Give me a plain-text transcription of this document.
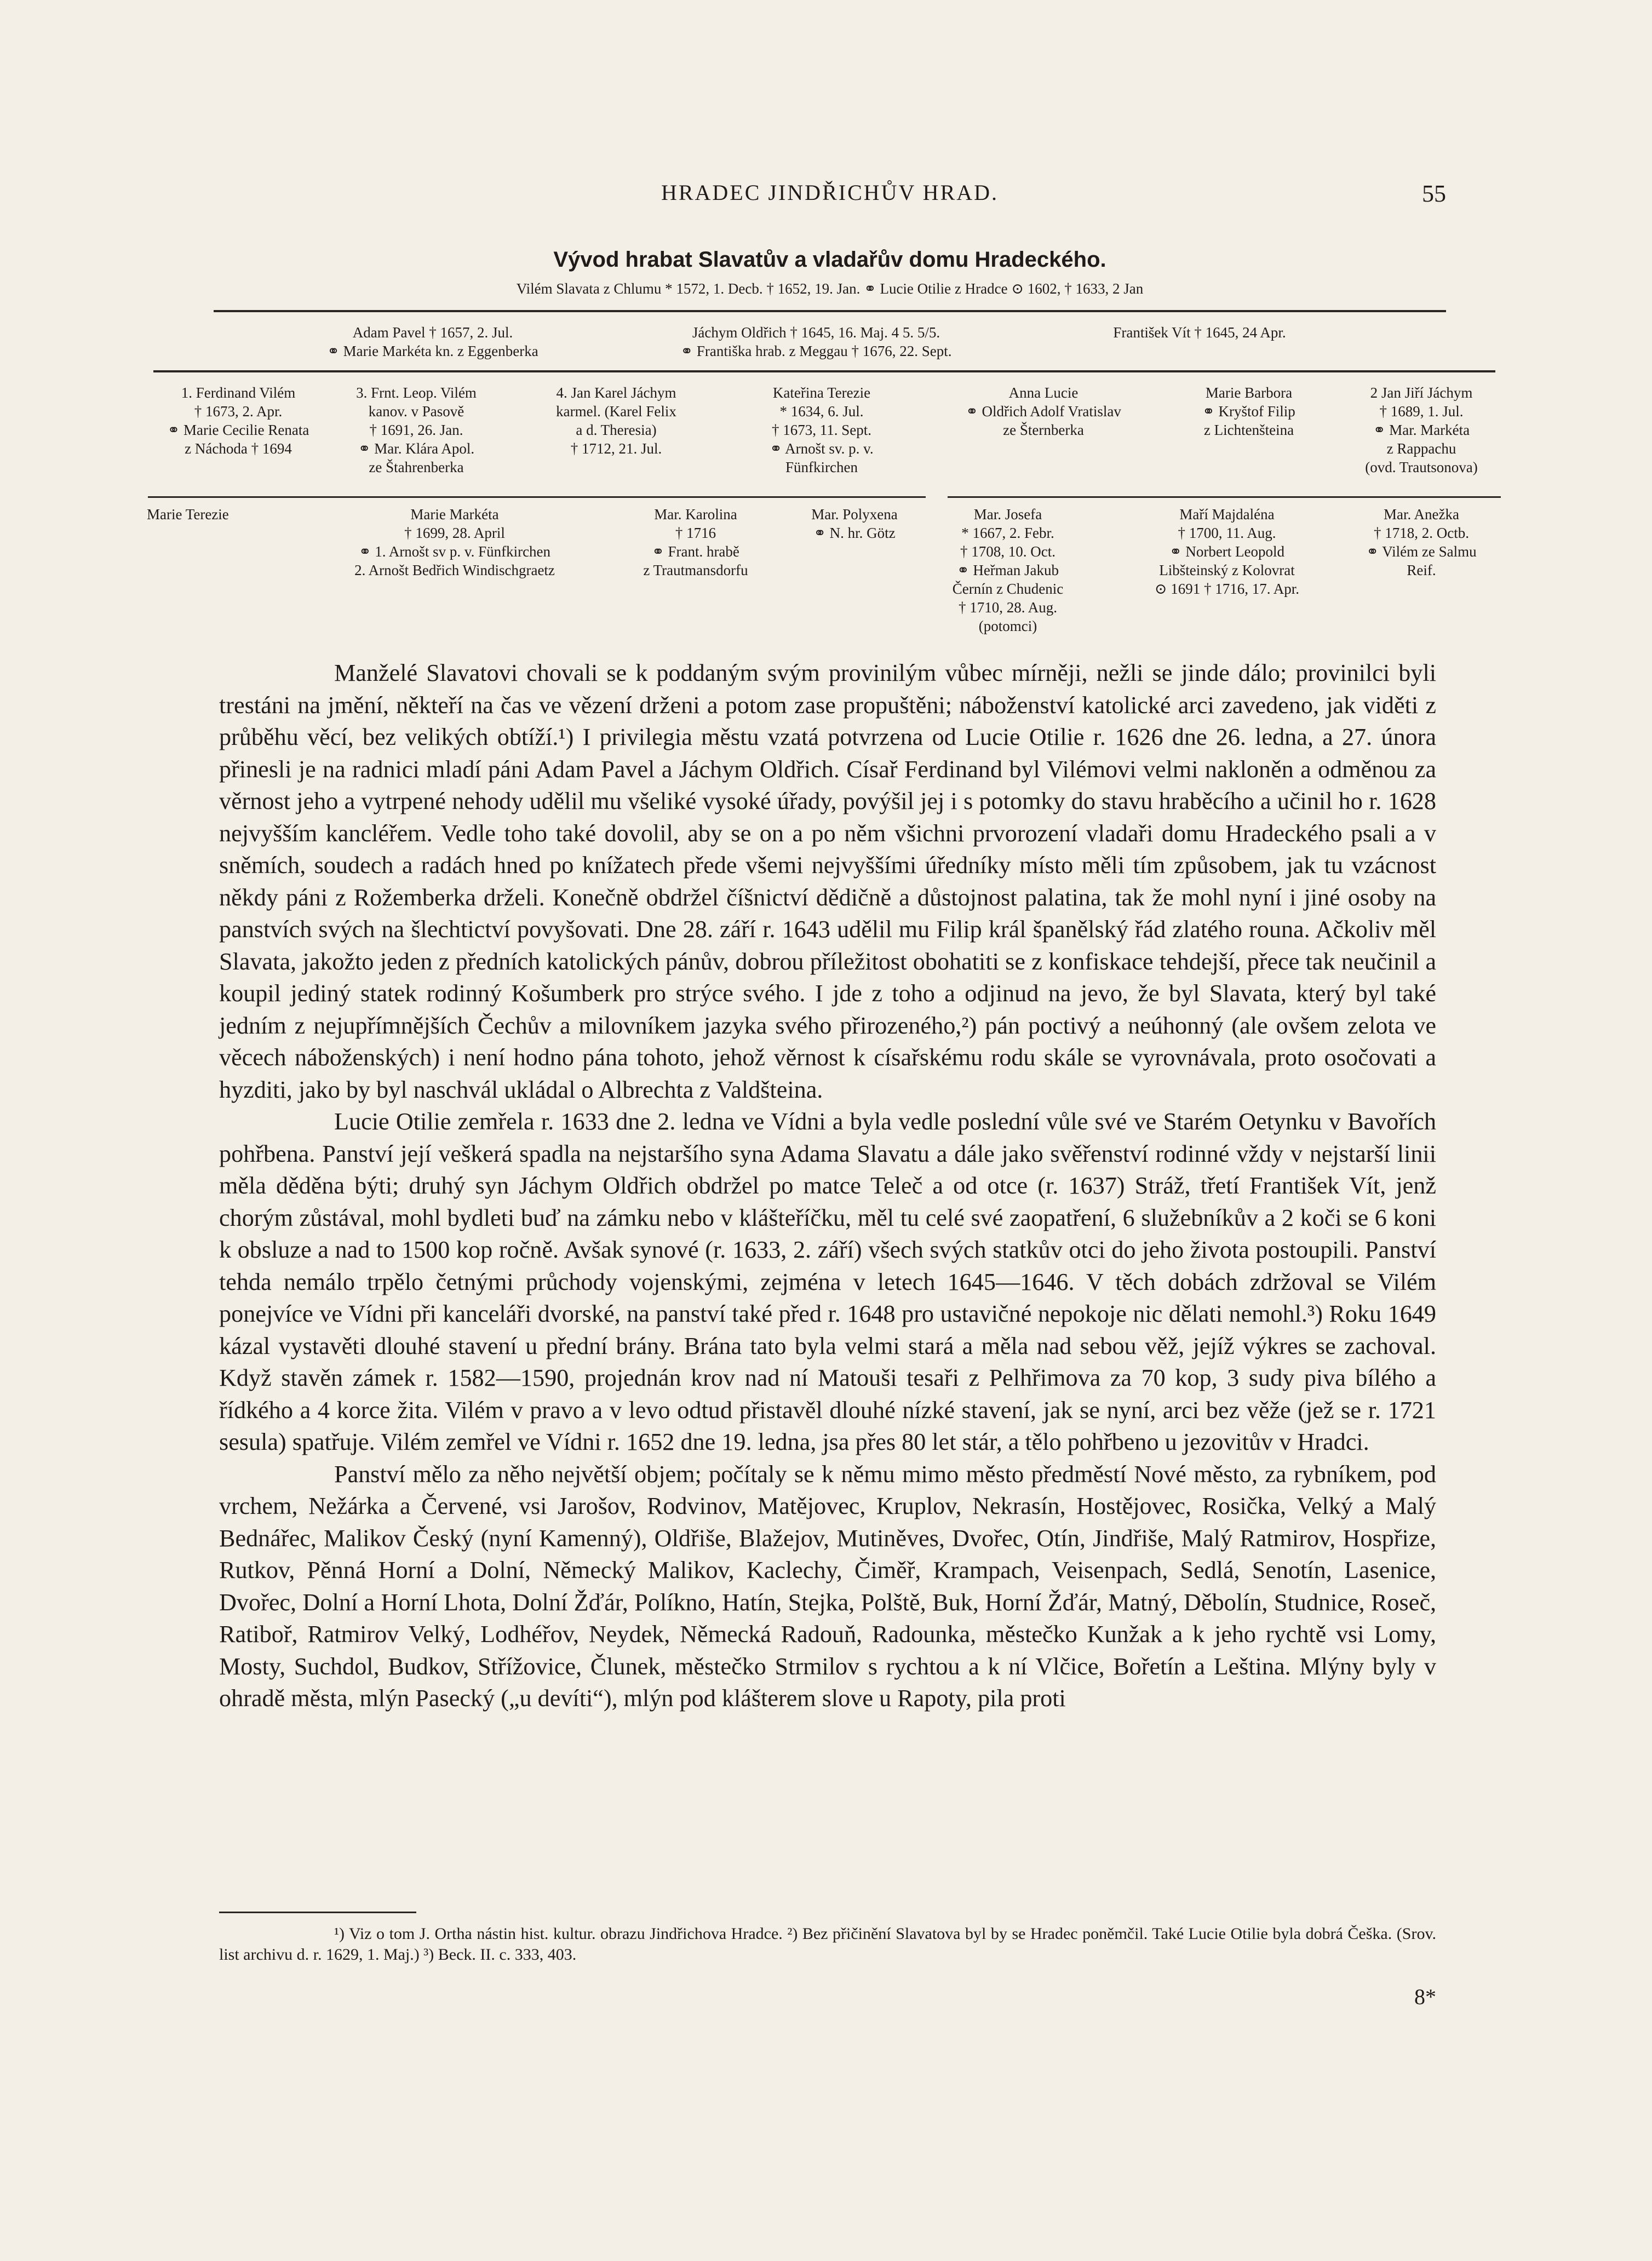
HRADEC JINDŘICHŮV HRAD.	55
Vývod hrabat Slavatův a vladařův domu Hradeckého.
Vilém Slavata z Chlumu * 1572, 1. Decb. † 1652, 19. Jan. ⚭ Lucie Otilie z Hradce ⊙ 1602, † 1633, 2 Jan
Adam Pavel † 1657, 2. Jul.
⚭ Marie Markéta kn. z Eggenberka
Jáchym Oldřich † 1645, 16. Maj. 4 5. 5/5.
⚭ Františka hrab. z Meggau † 1676, 22. Sept.
František Vít † 1645, 24 Apr.
1. Ferdinand Vilém
† 1673, 2. Apr.
⚭ Marie Cecilie Renata
z Náchoda † 1694
3. Frnt. Leop. Vilém
kanov. v Pasově
† 1691, 26. Jan.
⚭ Mar. Klára Apol.
ze Štahrenberka
4. Jan Karel Jáchym
karmel. (Karel Felix
a d. Theresia)
† 1712, 21. Jul.
Kateřina Terezie
* 1634, 6. Jul.
† 1673, 11. Sept.
⚭ Arnošt sv. p. v.
Fünfkirchen
Anna Lucie
⚭ Oldřich Adolf Vratislav
ze Šternberka
Marie Barbora
⚭ Kryštof Filip
z Lichtenšteina
2 Jan Jiří Jáchym
† 1689, 1. Jul.
⚭ Mar. Markéta
z Rappachu
(ovd. Trautsonova)
Marie Terezie	Marie Markéta
† 1699, 28. April
⚭ 1. Arnošt sv p. v. Fünfkirchen
2. Arnošt Bedřich Windischgraetz
Mar. Karolina
† 1716
⚭ Frant. hrabě
z Trautmansdorfu
Mar. Polyxena
⚭ N. hr. Götz
Mar. Josefa
* 1667, 2. Febr.
† 1708, 10. Oct.
⚭ Heřman Jakub
Černín z Chudenic
† 1710, 28. Aug.
(potomci)
Maří Majdaléna
† 1700, 11. Aug.
⚭ Norbert Leopold
Libšteinský z Kolovrat
⊙ 1691 † 1716, 17. Apr.
Mar. Anežka
† 1718, 2. Octb.
⚭ Vilém ze Salmu
Reif.

Manželé Slavatovi chovali se k poddaným svým provinilým vůbec mírněji, nežli se jinde dálo; provinilci byli trestáni na jmění, někteří na čas ve vězení drženi a potom zase propuštěni; náboženství katolické arci zavedeno, jak viděti z průběhu věcí, bez velikých obtíží.¹) I privilegia městu vzatá potvrzena od Lucie Otilie r. 1626 dne 26. ledna, a 27. února přinesli je na radnici mladí páni Adam Pavel a Jáchym Oldřich. Císař Ferdinand byl Vilémovi velmi nakloněn a odměnou za věrnost jeho a vytrpené nehody udělil mu všeliké vysoké úřady, povýšil jej i s potomky do stavu hraběcího a učinil ho r. 1628 nejvyšším kancléřem. Vedle toho také dovolil, aby se on a po něm všichni prvorození vladaři domu Hradeckého psali a v sněmích, soudech a radách hned po knížatech přede všemi nejvyššími úředníky místo měli tím způsobem, jak tu vzácnost někdy páni z Rožemberka drželi. Konečně obdržel číšnictví dědičně a důstojnost palatina, tak že mohl nyní i jiné osoby na panstvích svých na šlechtictví povyšovati. Dne 28. září r. 1643 udělil mu Filip král španělský řád zlatého rouna. Ačkoliv měl Slavata, jakožto jeden z předních katolických pánův, dobrou příležitost obohatiti se z konfiskace tehdejší, přece tak neučinil a koupil jediný statek rodinný Košumberk pro strýce svého. I jde z toho a odjinud na jevo, že byl Slavata, který byl také jedním z nejupřímnějších Čechův a milovníkem jazyka svého přirozeného,²) pán poctivý a neúhonný (ale ovšem zelota ve věcech náboženských) i není hodno pána tohoto, jehož věrnost k císařskému rodu skále se vyrovnávala, proto osočovati a hyzditi, jako by byl naschvál ukládal o Albrechta z Valdšteina.

Lucie Otilie zemřela r. 1633 dne 2. ledna ve Vídni a byla vedle poslední vůle své ve Starém Oetynku v Bavořích pohřbena. Panství její veškerá spadla na nejstaršího syna Adama Slavatu a dále jako svěřenství rodinné vždy v nejstarší linii měla děděna býti; druhý syn Jáchym Oldřich obdržel po matce Teleč a od otce (r. 1637) Stráž, třetí František Vít, jenž chorým zůstával, mohl bydleti buď na zámku nebo v klášteříčku, měl tu celé své zaopatření, 6 služebníkův a 2 koči se 6 koni k obsluze a nad to 1500 kop ročně. Avšak synové (r. 1633, 2. září) všech svých statkův otci do jeho života postoupili. Panství tehda nemálo trpělo četnými průchody vojenskými, zejména v letech 1645—1646. V těch dobách zdržoval se Vilém ponejvíce ve Vídni při kanceláři dvorské, na panství také před r. 1648 pro ustavičné nepokoje nic dělati nemohl.³) Roku 1649 kázal vystavěti dlouhé stavení u přední brány. Brána tato byla velmi stará a měla nad sebou věž, jejíž výkres se zachoval. Když stavěn zámek r. 1582—1590, projednán krov nad ní Matouši tesaři z Pelhřimova za 70 kop, 3 sudy piva bílého a řídkého a 4 korce žita. Vilém v pravo a v levo odtud přistavěl dlouhé nízké stavení, jak se nyní, arci bez věže (jež se r. 1721 sesula) spatřuje. Vilém zemřel ve Vídni r. 1652 dne 19. ledna, jsa přes 80 let stár, a tělo pohřbeno u jezovitův v Hradci.

Panství mělo za něho největší objem; počítaly se k němu mimo město předměstí Nové město, za rybníkem, pod vrchem, Nežárka a Červené, vsi Jarošov, Rodvinov, Matějovec, Kruplov, Nekrasín, Hostějovec, Rosička, Velký a Malý Bednářec, Malikov Český (nyní Kamenný), Oldřiše, Blažejov, Mutiněves, Dvořec, Otín, Jindřiše, Malý Ratmirov, Hospřize, Rutkov, Pěnná Horní a Dolní, Německý Malikov, Kaclechy, Čiměř, Krampach, Veisenpach, Sedlá, Senotín, Lasenice, Dvořec, Dolní a Horní Lhota, Dolní Žďár, Políkno, Hatín, Stejka, Polště, Buk, Horní Žďár, Matný, Děbolín, Studnice, Roseč, Ratiboř, Ratmirov Velký, Lodhéřov, Neydek, Německá Radouň, Radounka, městečko Kunžak a k jeho rychtě vsi Lomy, Mosty, Suchdol, Budkov, Střížovice, Člunek, městečko Strmilov s rychtou a k ní Vlčice, Bořetín a Leština. Mlýny byly v ohradě města, mlýn Pasecký („u devíti“), mlýn pod klášterem slove u Rapoty, pila proti

¹) Viz o tom J. Ortha nástin hist. kultur. obrazu Jindřichova Hradce. ²) Bez přičinění Slavatova byl by se Hradec poněmčil. Také Lucie Otilie byla dobrá Češka. (Srov. list archivu d. r. 1629, 1. Maj.) ³) Beck. II. c. 333, 403.

8*
